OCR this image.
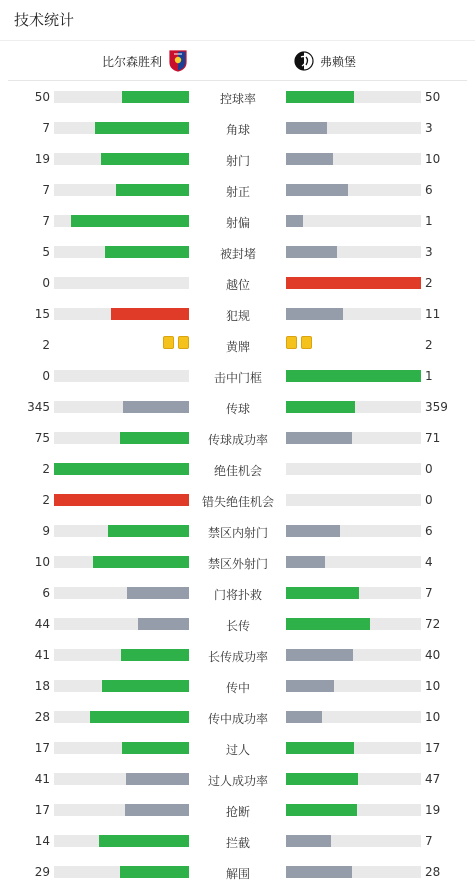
技术统计
比尔森胜利	弗赖堡
50	控球率	50
7	角球	3
19	射门	10
7	射正	6
7	射偏	1
5	被封堵	3
0	越位	2
15	犯规	11
2	黄牌	2
0	击中门框	1
345	传球	359
75	传球成功率	71
2	绝佳机会	0
2	错失绝佳机会	0
9	禁区内射门	6
10	禁区外射门	4
6	门将扑救	7
44	长传	72
41	长传成功率	40
18	传中	10
28	传中成功率	10
17	过人	17
41	过人成功率	47
17	抢断	19
14	拦截	7
29	解围	28
